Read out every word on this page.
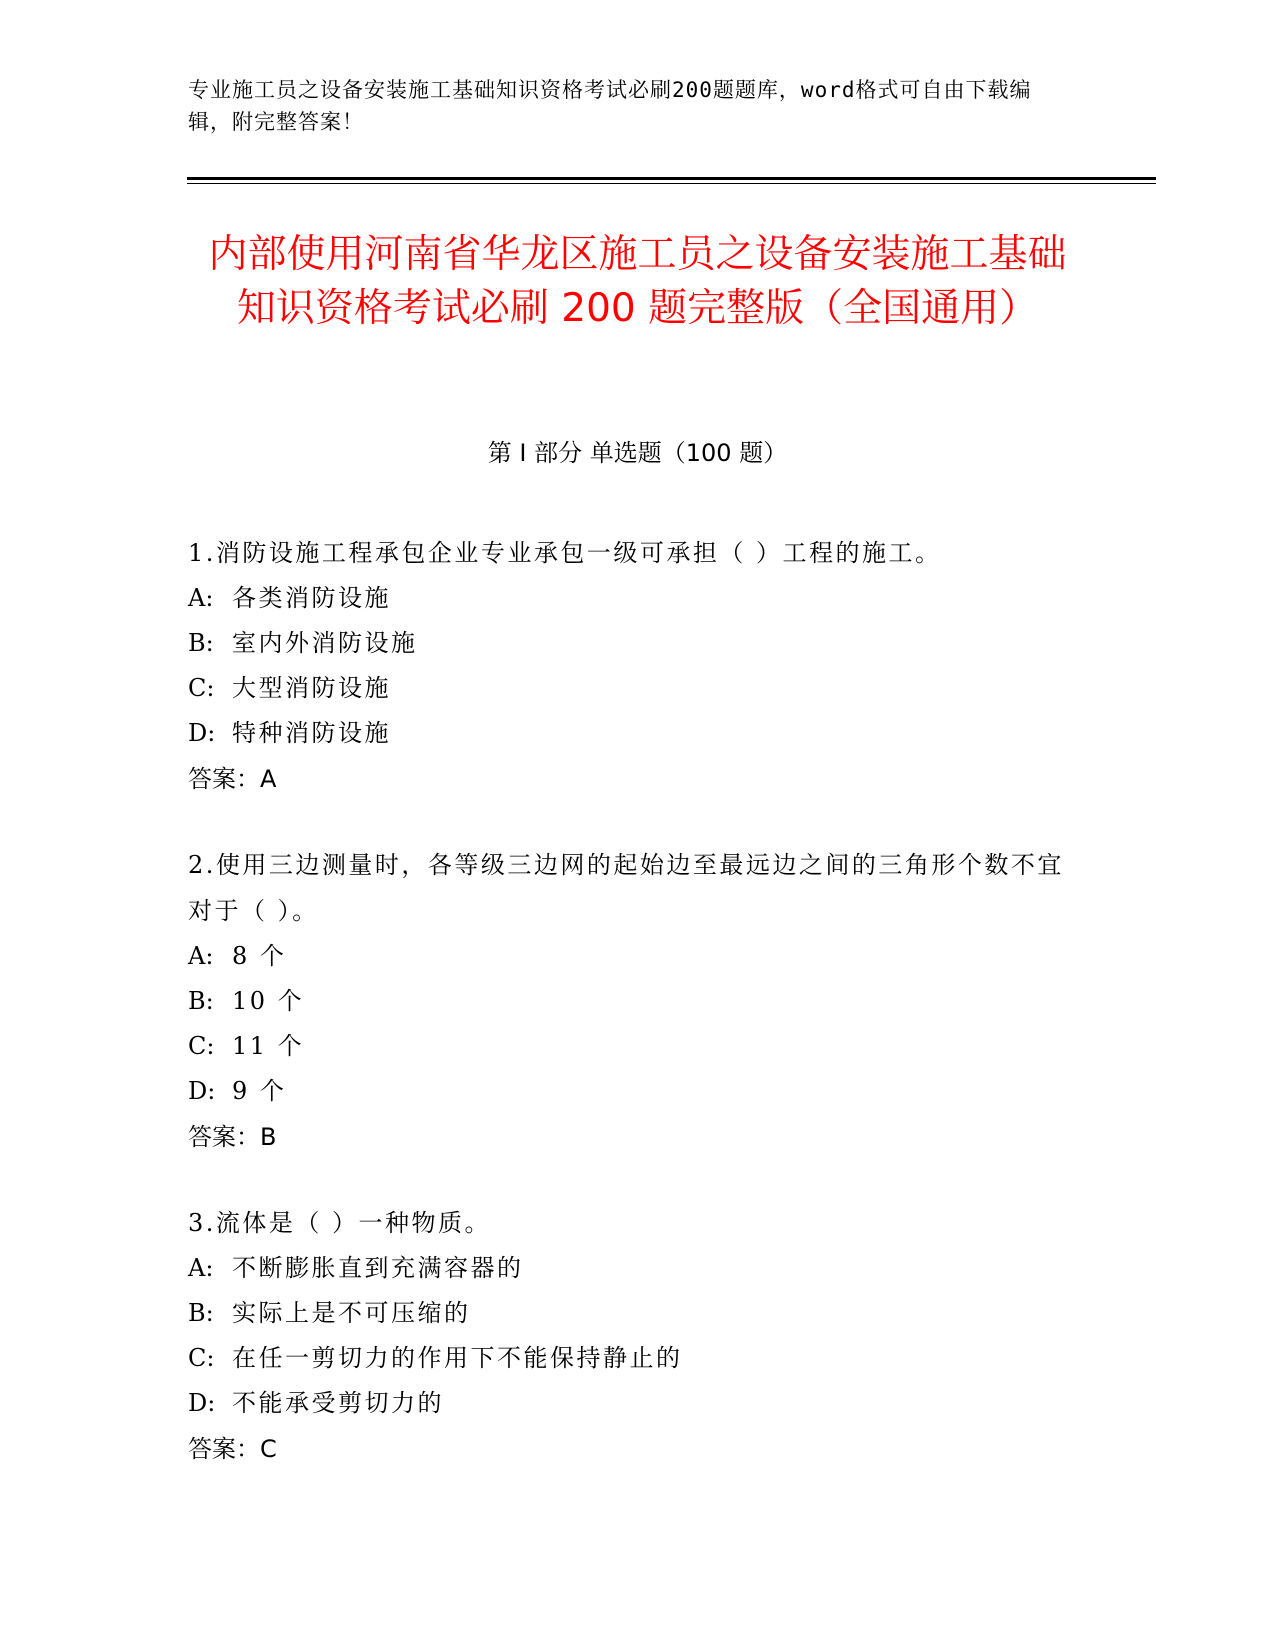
专业施工员之设备安装施工基础知识资格考试必刷200题题库，word格式可自由下载编辑，附完整答案！
内部使用河南省华龙区施工员之设备安装施工基础知识资格考试必刷 200 题完整版（全国通用）
第 I 部分 单选题（100 题）
1.消防设施工程承包企业专业承包一级可承担（ ）工程的施工。
A: 各类消防设施
B: 室内外消防设施
C: 大型消防设施
D: 特种消防设施
答案：A
2.使用三边测量时，各等级三边网的起始边至最远边之间的三角形个数不宜对于（ ）。
A: 8 个
B: 10 个
C: 11 个
D: 9 个
答案：B
3.流体是（ ）一种物质。
A: 不断膨胀直到充满容器的
B: 实际上是不可压缩的
C: 在任一剪切力的作用下不能保持静止的
D: 不能承受剪切力的
答案：C
